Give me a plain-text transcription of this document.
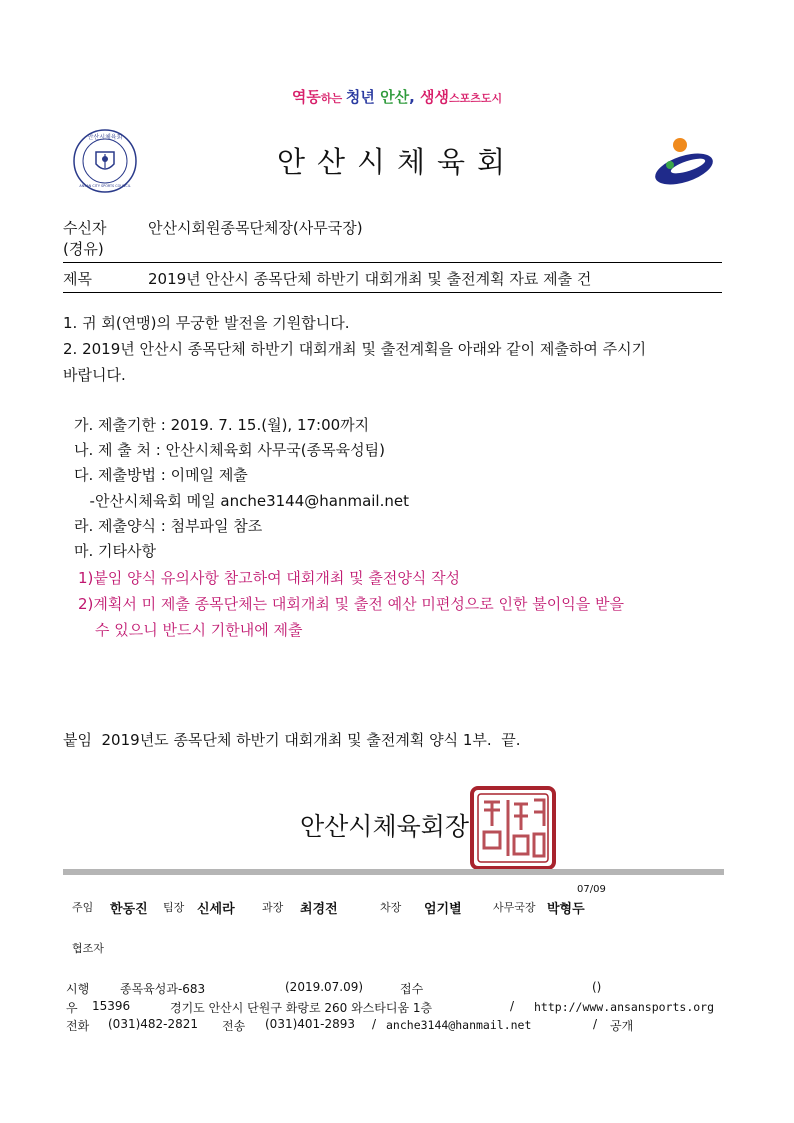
역동하는 청년 안산, 생생스포츠도시
안산시체육회
ANSAN CITY SPORTS COUNCIL
안산시체육회
수신자	안산시회원종목단체장(사무국장)
(경유)
제목	2019년 안산시 종목단체 하반기 대회개최 및 출전계획 자료 제출 건
1. 귀 회(연맹)의 무궁한 발전을 기원합니다.
2. 2019년 안산시 종목단체 하반기 대회개최 및 출전계획을 아래와 같이 제출하여 주시기
바랍니다.
가. 제출기한 : 2019. 7. 15.(월), 17:00까지
나. 제 출 처 : 안산시체육회 사무국(종목육성팀)
다. 제출방법 : 이메일 제출
-안산시체육회 메일 anche3144@hanmail.net
라. 제출양식 : 첨부파일 참조
마. 기타사항
1)붙임 양식 유의사항 참고하여 대회개최 및 출전양식 작성
2)계획서 미 제출 종목단체는 대회개최 및 출전 예산 미편성으로 인한 불이익을 받을
수 있으니 반드시 기한내에 제출
붙임  2019년도 종목단체 하반기 대회개최 및 출전계획 양식 1부.  끝.
안산시체육회장
07/09
주임 한동진 팀장 신세라 과장 최경전	차장 엄기별	사무국장 박형두
협조자
시행	종목육성과-683	(2019.07.09)	접수	()
우 15396	경기도 안산시 단원구 화랑로 260 와스타디움 1층	/ http://www.ansansports.org
전화 (031)482-2821 전송 (031)401-2893 / anche3144@hanmail.net	/ 공개
